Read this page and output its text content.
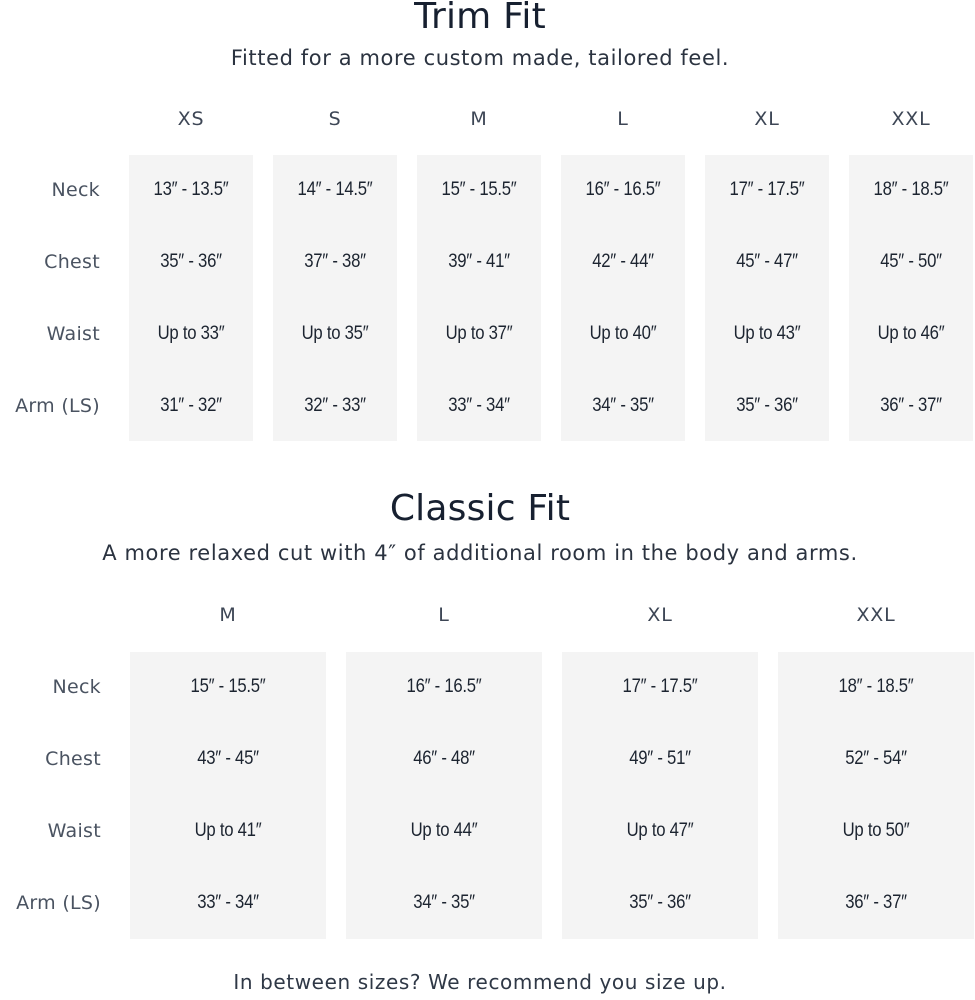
Trim Fit
Fitted for a more custom made, tailored feel.
XS	S	M	L	XL	XXL
Neck	13″ - 13.5″	14″ - 14.5″	15″ - 15.5″	16″ - 16.5″	17″ - 17.5″	18″ - 18.5″
Chest	35″ - 36″	37″ - 38″	39″ - 41″	42″ - 44″	45″ - 47″	45″ - 50″
Waist	Up to 33″	Up to 35″	Up to 37″	Up to 40″	Up to 43″	Up to 46″
Arm (LS)	31″ - 32″	32″ - 33″	33″ - 34″	34″ - 35″	35″ - 36″	36″ - 37″
Classic Fit
A more relaxed cut with 4″ of additional room in the body and arms.
M	L	XL	XXL
Neck	15″ - 15.5″	16″ - 16.5″	17″ - 17.5″	18″ - 18.5″
Chest	43″ - 45″	46″ - 48″	49″ - 51″	52″ - 54″
Waist	Up to 41″	Up to 44″	Up to 47″	Up to 50″
Arm (LS)	33″ - 34″	34″ - 35″	35″ - 36″	36″ - 37″
In between sizes? We recommend you size up.
